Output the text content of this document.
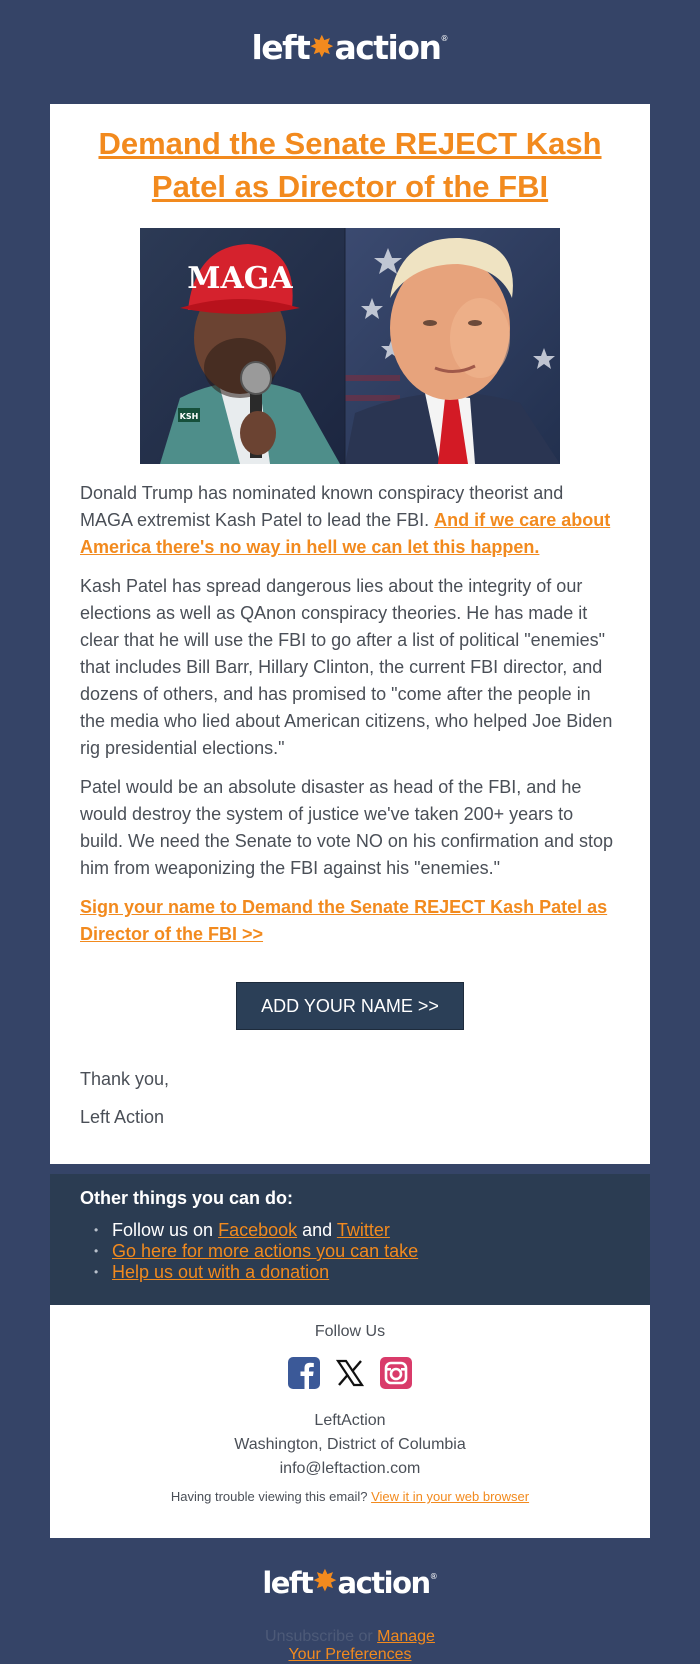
left✸action®
Demand the Senate REJECT Kash Patel as Director of the FBI
MAGA
KSH

Donald Trump has nominated known conspiracy theorist and MAGA extremist Kash Patel to lead the FBI. And if we care about America there's no way in hell we can let this happen.

Kash Patel has spread dangerous lies about the integrity of our elections as well as QAnon conspiracy theories. He has made it clear that he will use the FBI to go after a list of political "enemies" that includes Bill Barr, Hillary Clinton, the current FBI director, and dozens of others, and has promised to "come after the people in the media who lied about American citizens, who helped Joe Biden rig presidential elections."

Patel would be an absolute disaster as head of the FBI, and he would destroy the system of justice we've taken 200+ years to build. We need the Senate to vote NO on his confirmation and stop him from weaponizing the FBI against his "enemies."

Sign your name to Demand the Senate REJECT Kash Patel as Director of the FBI >>

ADD YOUR NAME >>

Thank you,

Left Action

Other things you can do:
• Follow us on Facebook and Twitter
• Go here for more actions you can take
• Help us out with a donation
Follow Us
LeftAction
Washington, District of Columbia
info@leftaction.com
Having trouble viewing this email? View it in your web browser
left✸action®
Unsubscribe or Manage
Your Preferences
